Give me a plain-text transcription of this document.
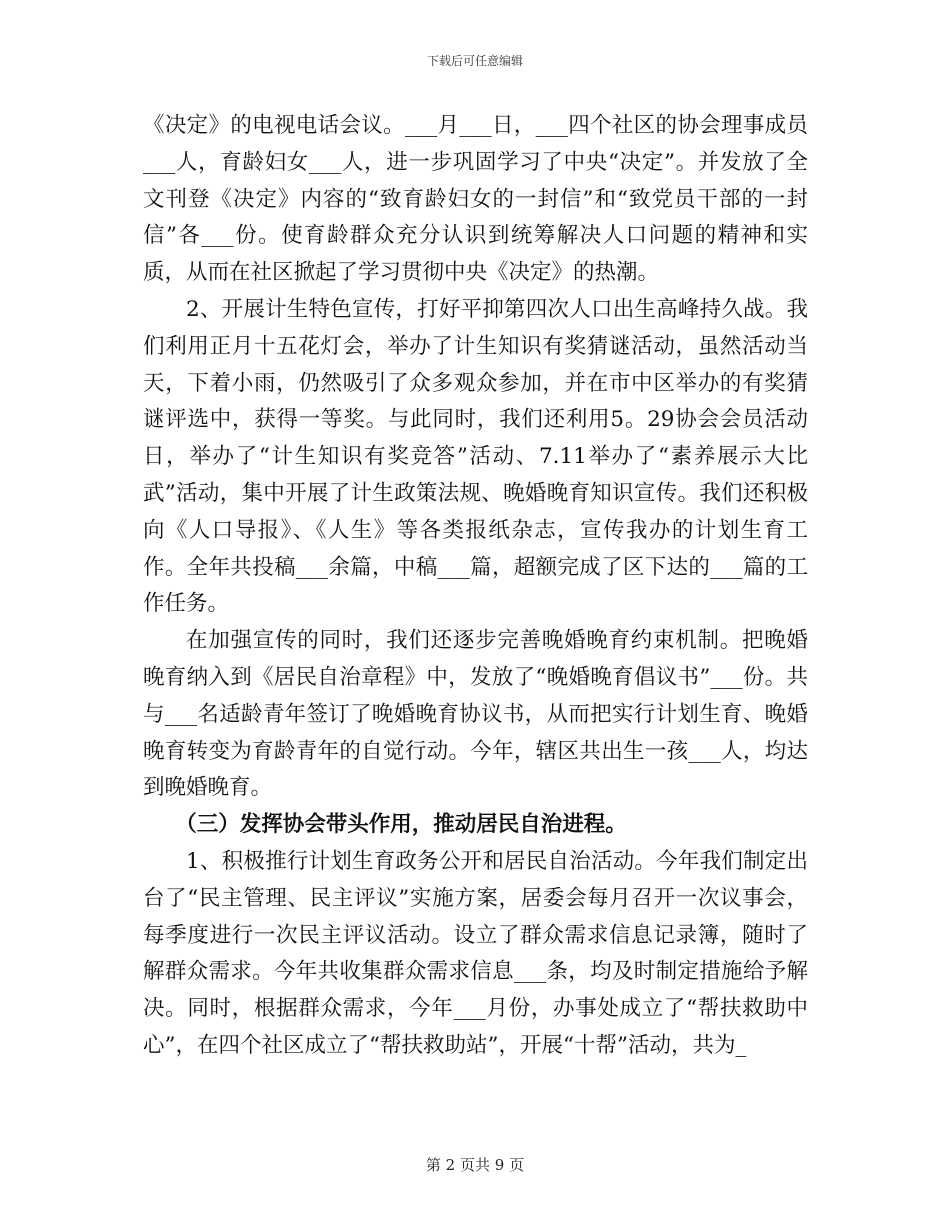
下载后可任意编辑

《决定》的电视电话会议。___月___日，___四个社区的协会理事成员___人，育龄妇女___人，进一步巩固学习了中央“决定”。并发放了全文刊登《决定》内容的“致育龄妇女的一封信”和“致党员干部的一封信”各___份。使育龄群众充分认识到统筹解决人口问题的精神和实质，从而在社区掀起了学习贯彻中央《决定》的热潮。

2、开展计生特色宣传，打好平抑第四次人口出生高峰持久战。我们利用正月十五花灯会，举办了计生知识有奖猜谜活动，虽然活动当天，下着小雨，仍然吸引了众多观众参加，并在市中区举办的有奖猜谜评选中，获得一等奖。与此同时，我们还利用5。29协会会员活动日，举办了“计生知识有奖竞答”活动、7.11举办了“素养展示大比武”活动，集中开展了计生政策法规、晚婚晚育知识宣传。我们还积极向《人口导报》、《人生》等各类报纸杂志，宣传我办的计划生育工作。全年共投稿___余篇，中稿___篇，超额完成了区下达的___篇的工作任务。

在加强宣传的同时，我们还逐步完善晚婚晚育约束机制。把晚婚晚育纳入到《居民自治章程》中，发放了“晚婚晚育倡议书”___份。共与___名适龄青年签订了晚婚晚育协议书，从而把实行计划生育、晚婚晚育转变为育龄青年的自觉行动。今年，辖区共出生一孩___人，均达到晚婚晚育。

（三）发挥协会带头作用，推动居民自治进程。

1、积极推行计划生育政务公开和居民自治活动。今年我们制定出台了“民主管理、民主评议”实施方案，居委会每月召开一次议事会，每季度进行一次民主评议活动。设立了群众需求信息记录簿，随时了解群众需求。今年共收集群众需求信息___条，均及时制定措施给予解决。同时，根据群众需求，今年___月份，办事处成立了“帮扶救助中心”，在四个社区成立了“帮扶救助站”，开展“十帮”活动，共为_

第 2 页共 9 页
